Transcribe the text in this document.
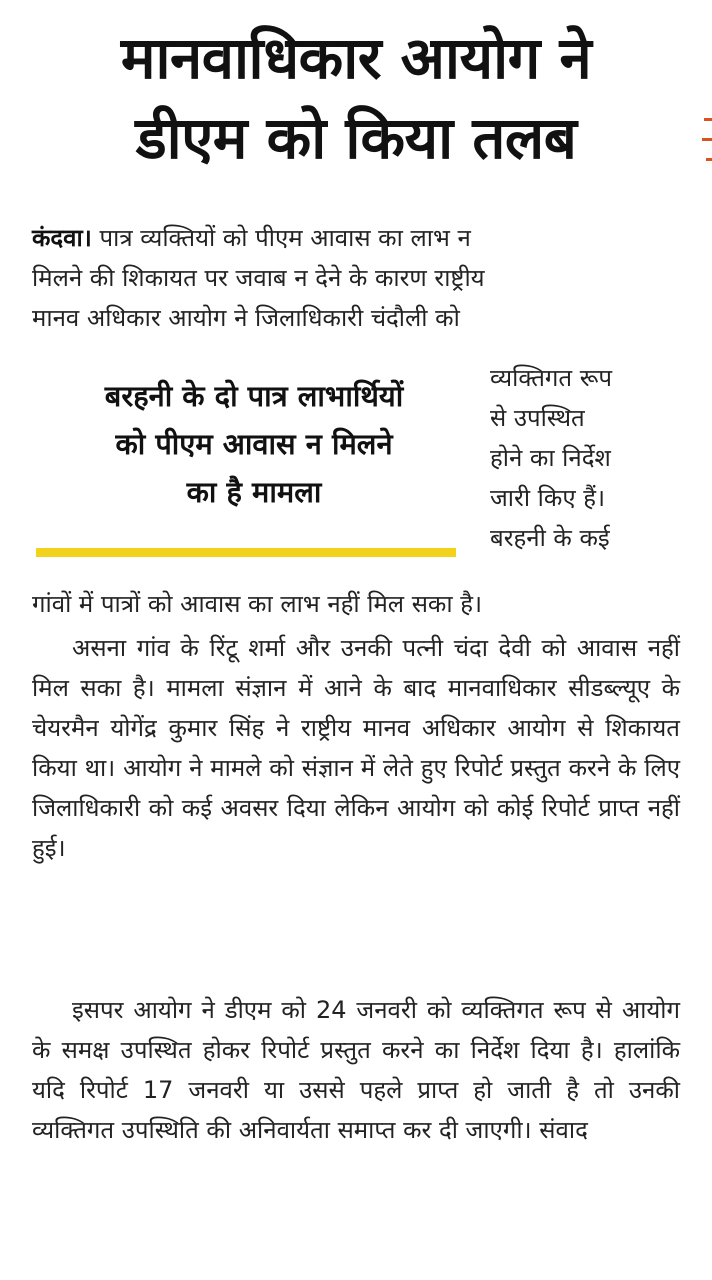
मानवाधिकार आयोग ने
डीएम को किया तलब

कंदवा। पात्र व्यक्तियों को पीएम आवास का लाभ न
मिलने की शिकायत पर जवाब न देने के कारण राष्ट्रीय
मानव अधिकार आयोग ने जिलाधिकारी चंदौली को

बरहनी के दो पात्र लाभार्थियों
को पीएम आवास न मिलने
का है मामला

व्यक्तिगत रूप
से उपस्थित
होने का निर्देश
जारी किए हैं।
बरहनी के कई

गांवों में पात्रों को आवास का लाभ नहीं मिल सका है।

असना गांव के रिंटू शर्मा और उनकी पत्नी चंदा देवी को आवास नहीं मिल सका है। मामला संज्ञान में आने के बाद मानवाधिकार सीडब्ल्यूए के चेयरमैन योगेंद्र कुमार सिंह ने राष्ट्रीय मानव अधिकार आयोग से शिकायत किया था। आयोग ने मामले को संज्ञान में लेते हुए रिपोर्ट प्रस्तुत करने के लिए जिलाधिकारी को कई अवसर दिया लेकिन आयोग को कोई रिपोर्ट प्राप्त नहीं हुई।

इसपर आयोग ने डीएम को 24 जनवरी को व्यक्तिगत रूप से आयोग के समक्ष उपस्थित होकर रिपोर्ट प्रस्तुत करने का निर्देश दिया है। हालांकि यदि रिपोर्ट 17 जनवरी या उससे पहले प्राप्त हो जाती है तो उनकी व्यक्तिगत उपस्थिति की अनिवार्यता समाप्त कर दी जाएगी। संवाद
